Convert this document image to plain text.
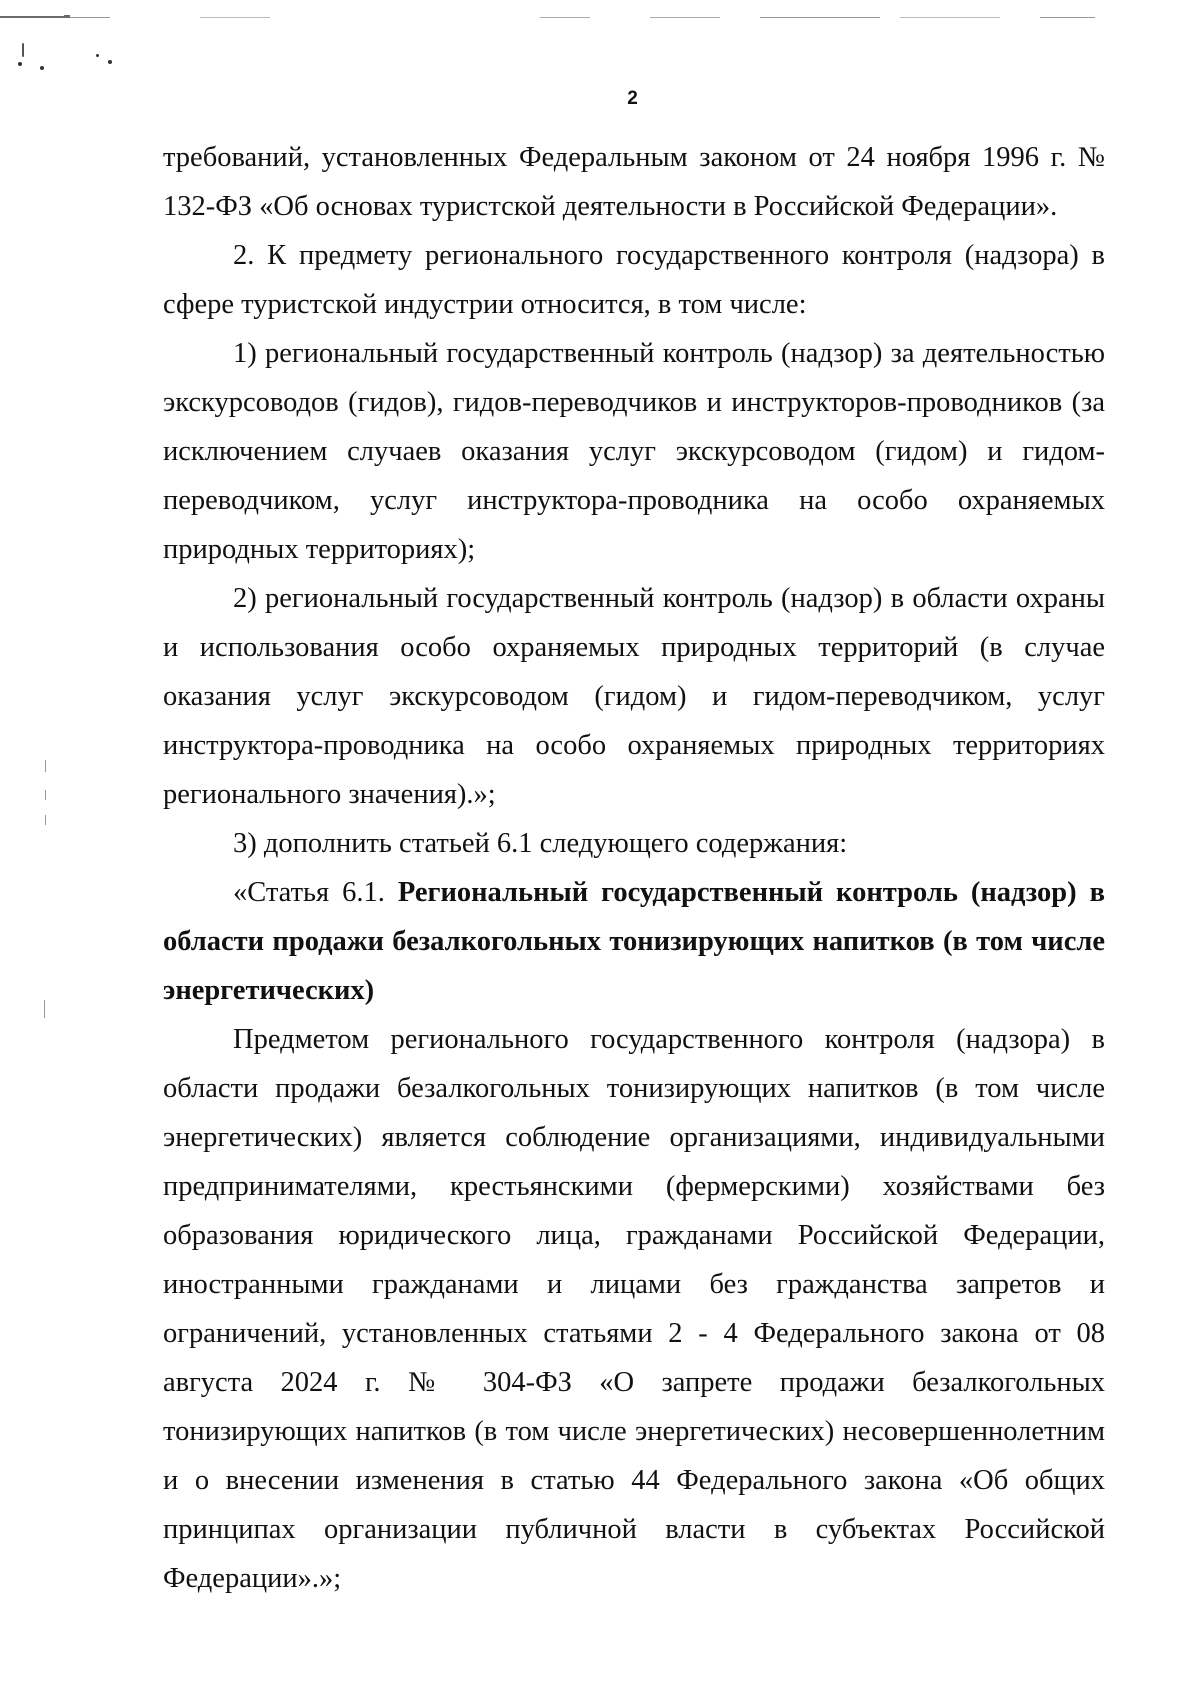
2

требований, установленных Федеральным законом от 24 ноября 1996 г. № 132-ФЗ «Об основах туристской деятельности в Российской Федерации».

2. К предмету регионального государственного контроля (надзора) в сфере туристской индустрии относится, в том числе:

1) региональный государственный контроль (надзор) за деятельностью экскурсоводов (гидов), гидов-переводчиков и инструкторов-проводников (за исключением случаев оказания услуг экскурсоводом (гидом) и гидом-переводчиком, услуг инструктора-проводника на особо охраняемых природных территориях);

2) региональный государственный контроль (надзор) в области охраны и использования особо охраняемых природных территорий (в случае оказания услуг экскурсоводом (гидом) и гидом-переводчиком, услуг инструктора-проводника на особо охраняемых природных территориях регионального значения).»;

3) дополнить статьей 6.1 следующего содержания:

«Статья 6.1. Региональный государственный контроль (надзор) в области продажи безалкогольных тонизирующих напитков (в том числе энергетических)

Предметом регионального государственного контроля (надзора) в области продажи безалкогольных тонизирующих напитков (в том числе энергетических) является соблюдение организациями, индивидуальными предпринимателями, крестьянскими (фермерскими) хозяйствами без образования юридического лица, гражданами Российской Федерации, иностранными гражданами и лицами без гражданства запретов и ограничений, установленных статьями 2 - 4 Федерального закона от 08 августа 2024 г. № 304-ФЗ «О запрете продажи безалкогольных тонизирующих напитков (в том числе энергетических) несовершеннолетним и о внесении изменения в статью 44 Федерального закона «Об общих принципах организации публичной власти в субъектах Российской Федерации».»;
